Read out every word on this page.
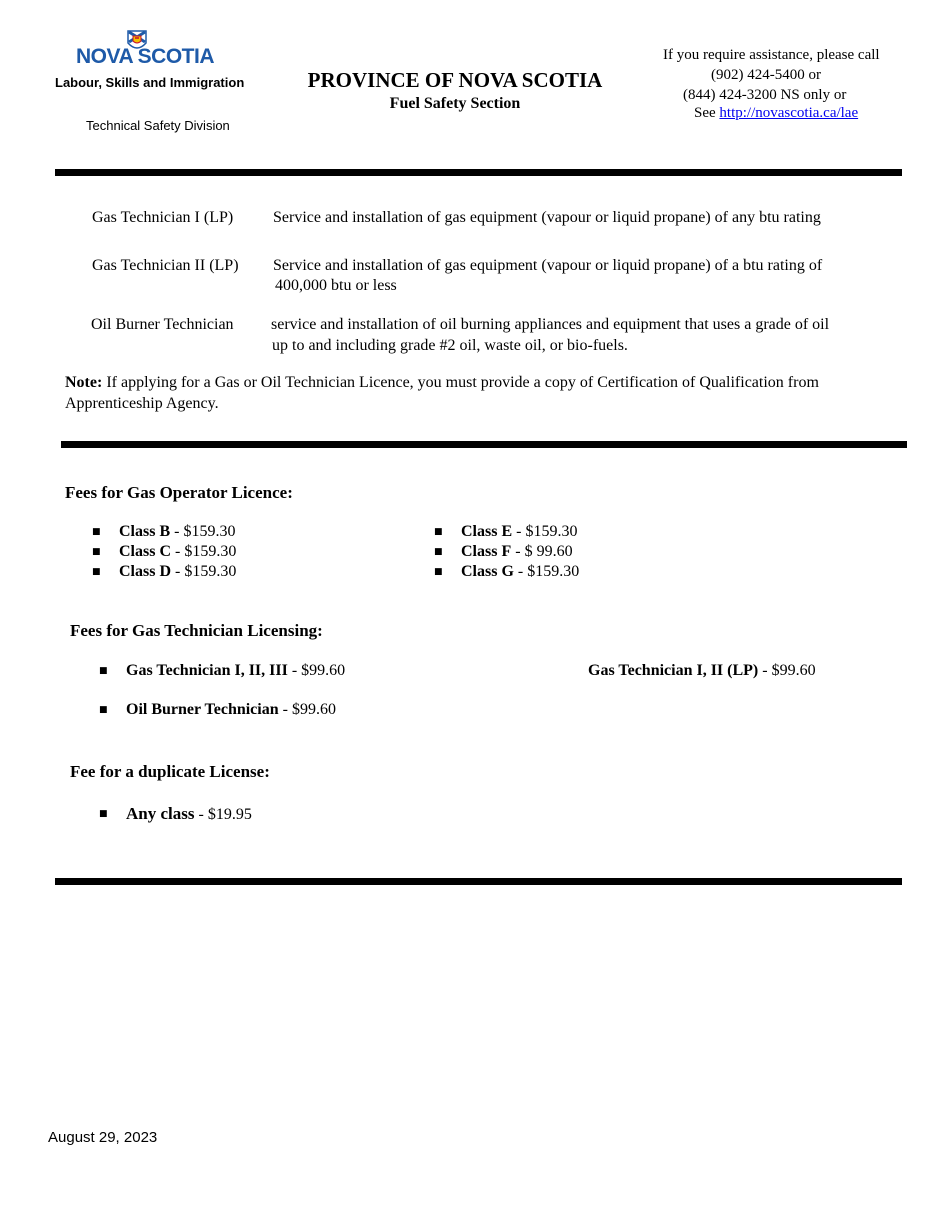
NOVA SCOTIA
Labour, Skills and Immigration
Technical Safety Division
PROVINCE OF NOVA SCOTIA
Fuel Safety Section
If you require assistance, please call
(902) 424-5400 or
(844) 424-3200 NS only or
See http://novascotia.ca/lae
Gas Technician I (LP) Service and installation of gas equipment (vapour or liquid propane) of any btu rating
Gas Technician II (LP) Service and installation of gas equipment (vapour or liquid propane) of a btu rating of
400,000 btu or less
Oil Burner Technician service and installation of oil burning appliances and equipment that uses a grade of oil
up to and including grade #2 oil, waste oil, or bio-fuels.
Note: If applying for a Gas or Oil Technician Licence, you must provide a copy of Certification of Qualification from
Apprenticeship Agency.
Fees for Gas Operator Licence:
■ Class B - $159.30
■ Class C - $159.30
■ Class D - $159.30
■ Class E - $159.30
■ Class F - $ 99.60
■ Class G - $159.30
Fees for Gas Technician Licensing:
■ Gas Technician I, II, III - $99.60	Gas Technician I, II (LP) - $99.60
■ Oil Burner Technician - $99.60
Fee for a duplicate License:
■ Any class - $19.95
August 29, 2023
